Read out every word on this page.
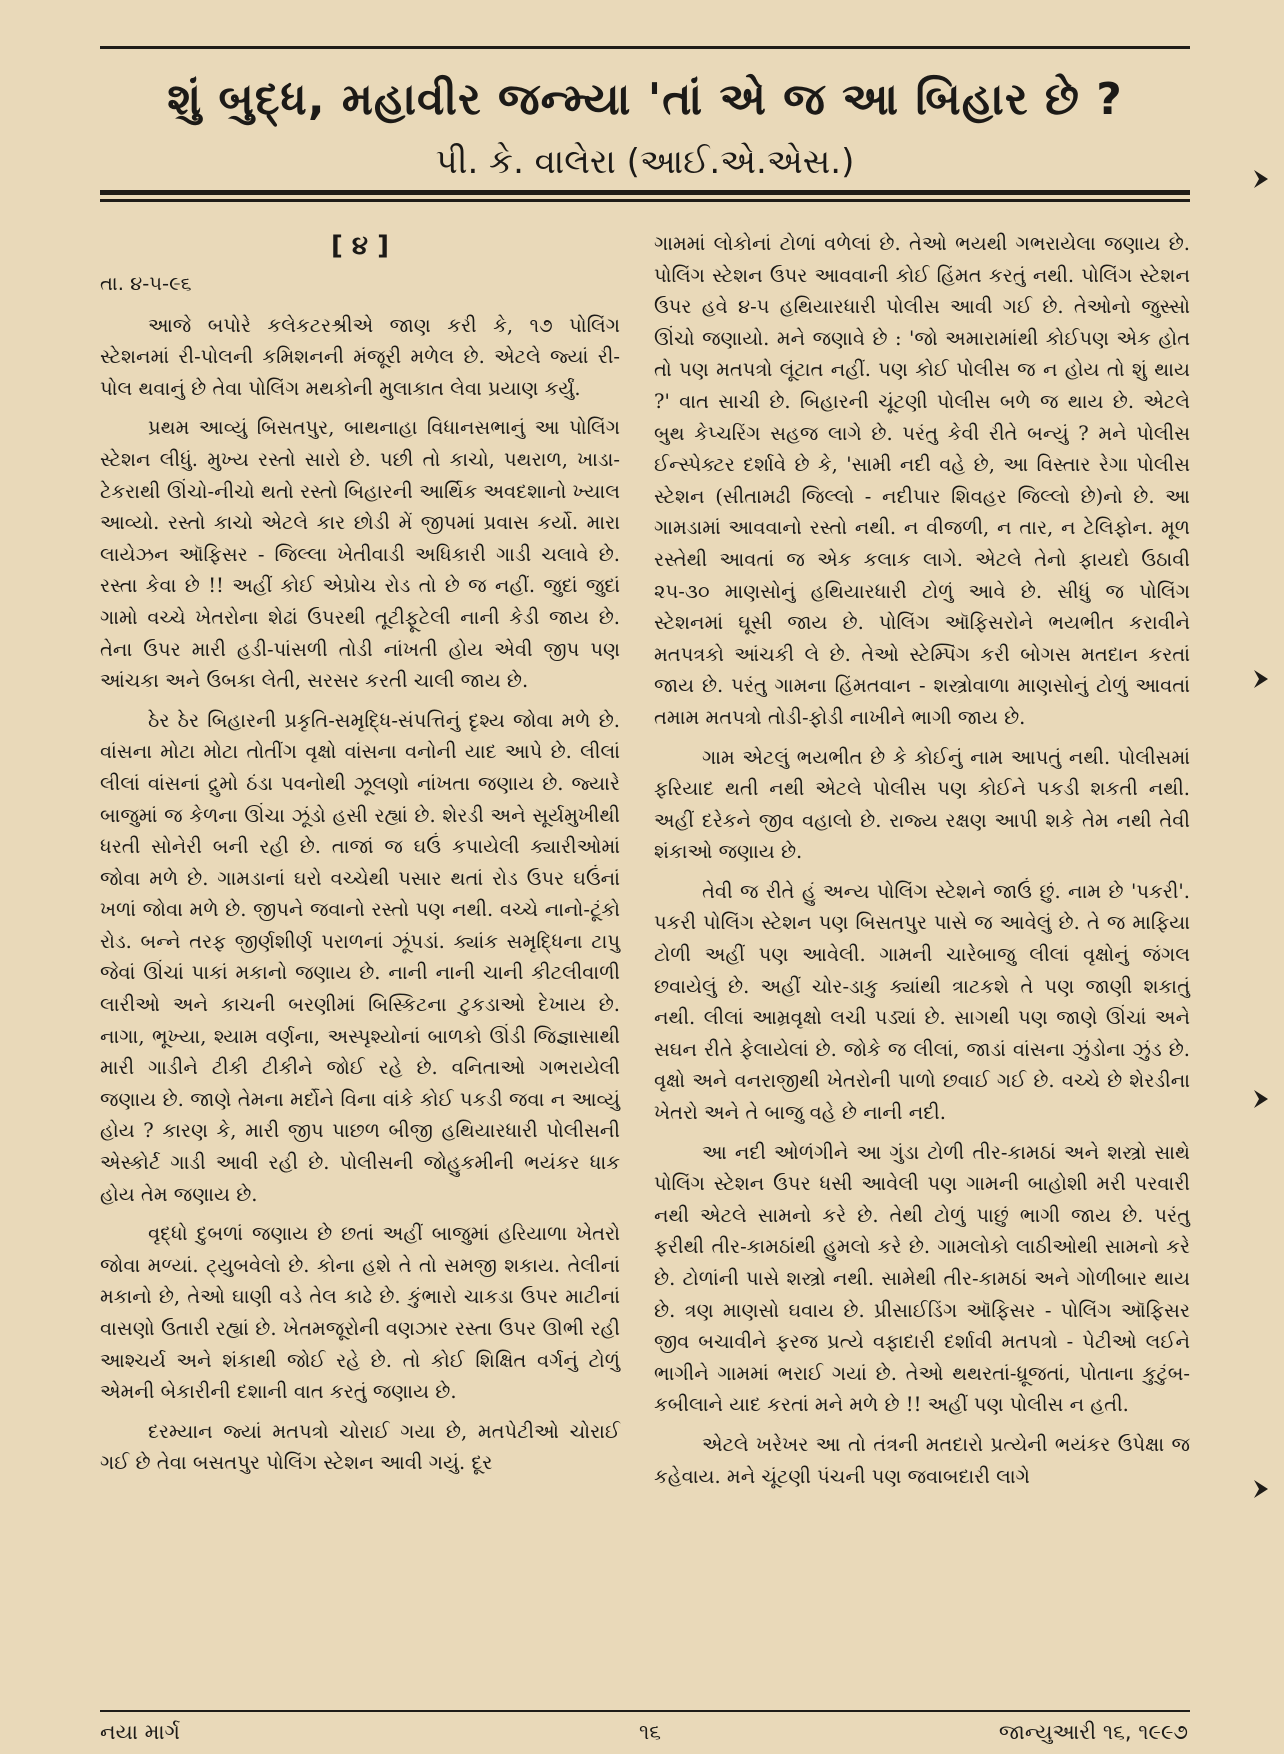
શું બુદ્ધ, મહાવીર જન્મ્યા 'તાં એ જ આ બિહાર છે ?
પી. કે. વાલેરા (આઈ.એ.એસ.)
[ ૪ ]
તા. ૪-૫-૯૬

આજે બપોરે કલેકટરશ્રીએ જાણ કરી કે, ૧૭ પોલિંગ સ્ટેશનમાં રી-પોલની કમિશનની મંજૂરી મળેલ છે. એટલે જ્યાં રી-પોલ થવાનું છે તેવા પોલિંગ મથકોની મુલાકાત લેવા પ્રયાણ કર્યું.

પ્રથમ આવ્યું બિસતપુર, બાથનાહા વિધાનસભાનું આ પોલિંગ સ્ટેશન લીધું. મુખ્ય રસ્તો સારો છે. પછી તો કાચો, પથરાળ, ખાડા-ટેકરાથી ઊંચો-નીચો થતો રસ્તો બિહારની આર્થિક અવદશાનો ખ્યાલ આવ્યો. રસ્તો કાચો એટલે કાર છોડી મેં જીપમાં પ્રવાસ કર્યો. મારા લાયેઝન ઑફિસર - જિલ્લા ખેતીવાડી અધિકારી ગાડી ચલાવે છે. રસ્તા કેવા છે !! અહીં કોઈ એપ્રોચ રોડ તો છે જ નહીં. જુદાં જુદાં ગામો વચ્ચે ખેતરોના શેઢાં ઉપરથી તૂટીફૂટેલી નાની કેડી જાય છે. તેના ઉપર મારી હડી-પાંસળી તોડી નાંખતી હોય એવી જીપ પણ આંચકા અને ઉબકા લેતી, સરસર કરતી ચાલી જાય છે.

ઠેર ઠેર બિહારની પ્રકૃતિ-સમૃદ્ધિ-સંપત્તિનું દૃશ્ય જોવા મળે છે. વાંસના મોટા મોટા તોતીંગ વૃક્ષો વાંસના વનોની યાદ આપે છે. લીલાં લીલાં વાંસનાં દ્રુમો ઠંડા પવનોથી ઝૂલણો નાંખતા જણાય છે. જ્યારે બાજુમાં જ કેળના ઊંચા ઝૂંડો હસી રહ્યાં છે. શેરડી અને સૂર્યમુખીથી ધરતી સોનેરી બની રહી છે. તાજાં જ ઘઉં કપાયેલી ક્યારીઓમાં જોવા મળે છે. ગામડાનાં ઘરો વચ્ચેથી પસાર થતાં રોડ ઉપર ઘઉંનાં ખળાં જોવા મળે છે. જીપને જવાનો રસ્તો પણ નથી. વચ્ચે નાનો-ટૂંકો રોડ. બન્ને તરફ જીર્ણશીર્ણ પરાળનાં ઝૂંપડાં. ક્યાંક સમૃદ્ધિના ટાપુ જેવાં ઊંચાં પાકાં મકાનો જણાય છે. નાની નાની ચાની કીટલીવાળી લારીઓ અને કાચની બરણીમાં બિસ્કિટના ટુકડાઓ દેખાય છે. નાગા, ભૂખ્યા, શ્યામ વર્ણના, અસ્પૃશ્યોનાં બાળકો ઊંડી જિજ્ઞાસાથી મારી ગાડીને ટીકી ટીકીને જોઈ રહે છે. વનિતાઓ ગભરાયેલી જણાય છે. જાણે તેમના મર્દોને વિના વાંકે કોઈ પકડી જવા ન આવ્યું હોય ? કારણ કે, મારી જીપ પાછળ બીજી હથિયારધારી પોલીસની એસ્કોર્ટ ગાડી આવી રહી છે. પોલીસની જોહુકમીની ભયંકર ધાક હોય તેમ જણાય છે.

વૃદ્ધો દુબળાં જણાય છે છતાં અહીં બાજુમાં હરિયાળા ખેતરો જોવા મળ્યાં. ટ્યુબવેલો છે. કોના હશે તે તો સમજી શકાય. તેલીનાં મકાનો છે, તેઓ ઘાણી વડે તેલ કાઢે છે. કુંભારો ચાકડા ઉપર માટીનાં વાસણો ઉતારી રહ્યાં છે. ખેતમજૂરોની વણઝાર રસ્તા ઉપર ઊભી રહી આશ્ચર્ય અને શંકાથી જોઈ રહે છે. તો કોઈ શિક્ષિત વર્ગનું ટોળું એમની બેકારીની દશાની વાત કરતું જણાય છે.

દરમ્યાન જ્યાં મતપત્રો ચોરાઈ ગયા છે, મતપેટીઓ ચોરાઈ ગઈ છે તેવા બસતપુર પોલિંગ સ્ટેશન આવી ગયું. દૂર

ગામમાં લોકોનાં ટોળાં વળેલાં છે. તેઓ ભયથી ગભરાયેલા જણાય છે. પોલિંગ સ્ટેશન ઉપર આવવાની કોઈ હિંમત કરતું નથી. પોલિંગ સ્ટેશન ઉપર હવે ૪-૫ હથિયારધારી પોલીસ આવી ગઈ છે. તેઓનો જુસ્સો ઊંચો જણાયો. મને જણાવે છે : 'જો અમારામાંથી કોઈપણ એક હોત તો પણ મતપત્રો લૂંટાત નહીં. પણ કોઈ પોલીસ જ ન હોય તો શું થાય ?' વાત સાચી છે. બિહારની ચૂંટણી પોલીસ બળે જ થાય છે. એટલે બુથ કેપ્ચરિંગ સહજ લાગે છે. પરંતુ કેવી રીતે બન્યું ? મને પોલીસ ઈન્સ્પેક્ટર દર્શાવે છે કે, 'સામી નદી વહે છે, આ વિસ્તાર રેગા પોલીસ સ્ટેશન (સીતામઢી જિલ્લો - નદીપાર શિવહર જિલ્લો છે)નો છે. આ ગામડામાં આવવાનો રસ્તો નથી. ન વીજળી, ન તાર, ન ટેલિફોન. મૂળ રસ્તેથી આવતાં જ એક કલાક લાગે. એટલે તેનો ફાયદો ઉઠાવી ૨૫-૩૦ માણસોનું હથિયારધારી ટોળું આવે છે. સીધું જ પોલિંગ સ્ટેશનમાં ઘૂસી જાય છે. પોલિંગ ઑફિસરોને ભયભીત કરાવીને મતપત્રકો આંચકી લે છે. તેઓ સ્ટેમ્પિંગ કરી બોગસ મતદાન કરતાં જાય છે. પરંતુ ગામના હિંમતવાન - શસ્ત્રોવાળા માણસોનું ટોળું આવતાં તમામ મતપત્રો તોડી-ફોડી નાખીને ભાગી જાય છે.

ગામ એટલું ભયભીત છે કે કોઈનું નામ આપતું નથી. પોલીસમાં ફરિયાદ થતી નથી એટલે પોલીસ પણ કોઈને પકડી શકતી નથી. અહીં દરેકને જીવ વહાલો છે. રાજ્ય રક્ષણ આપી શકે તેમ નથી તેવી શંકાઓ જણાય છે.

તેવી જ રીતે હું અન્ય પોલિંગ સ્ટેશને જાઉં છું. નામ છે 'પકરી'. પકરી પોલિંગ સ્ટેશન પણ બિસતપુર પાસે જ આવેલું છે. તે જ માફિયા ટોળી અહીં પણ આવેલી. ગામની ચારેબાજુ લીલાં વૃક્ષોનું જંગલ છવાયેલું છે. અહીં ચોર-ડાકુ ક્યાંથી ત્રાટકશે તે પણ જાણી શકાતું નથી. લીલાં આમ્રવૃક્ષો લચી પડ્યાં છે. સાગથી પણ જાણે ઊંચાં અને સઘન રીતે ફેલાયેલાં છે. જોકે જ લીલાં, જાડાં વાંસના ઝુંડોના ઝુંડ છે. વૃક્ષો અને વનરાજીથી ખેતરોની પાળો છવાઈ ગઈ છે. વચ્ચે છે શેરડીના ખેતરો અને તે બાજુ વહે છે નાની નદી.

આ નદી ઓળંગીને આ ગુંડા ટોળી તીર-કામઠાં અને શસ્ત્રો સાથે પોલિંગ સ્ટેશન ઉપર ધસી આવેલી પણ ગામની બાહોશી મરી પરવારી નથી એટલે સામનો કરે છે. તેથી ટોળું પાછું ભાગી જાય છે. પરંતુ ફરીથી તીર-કામઠાંથી હુમલો કરે છે. ગામલોકો લાઠીઓથી સામનો કરે છે. ટોળાંની પાસે શસ્ત્રો નથી. સામેથી તીર-કામઠાં અને ગોળીબાર થાય છે. ત્રણ માણસો ઘવાય છે. પ્રીસાઈડિંગ ઑફિસર - પોલિંગ ઑફિસર જીવ બચાવીને ફરજ પ્રત્યે વફાદારી દર્શાવી મતપત્રો - પેટીઓ લઈને ભાગીને ગામમાં ભરાઈ ગયાં છે. તેઓ થથરતાં-ધ્રૂજતાં, પોતાના કુટુંબ-કબીલાને યાદ કરતાં મને મળે છે !! અહીં પણ પોલીસ ન હતી.

એટલે ખરેખર આ તો તંત્રની મતદારો પ્રત્યેની ભયંકર ઉપેક્ષા જ કહેવાય. મને ચૂંટણી પંચની પણ જવાબદારી લાગે

નયા માર્ગ	૧૬	જાન્યુઆરી ૧૬, ૧૯૯૭
